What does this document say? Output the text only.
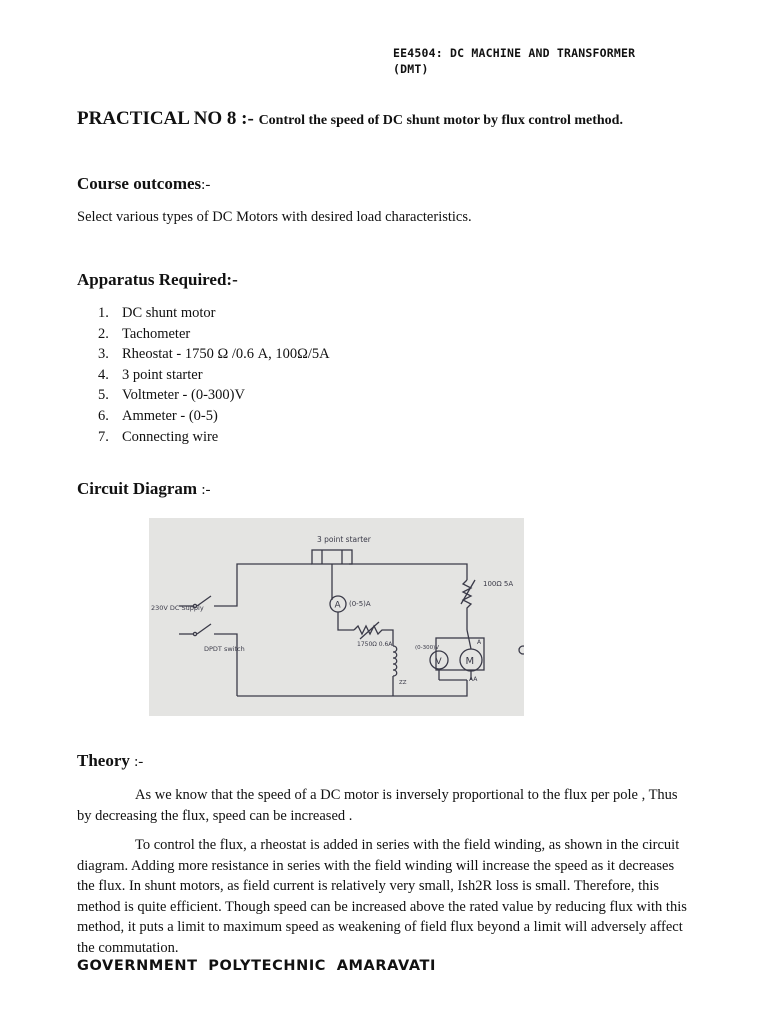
EE4504: DC MACHINE AND TRANSFORMER
(DMT)
PRACTICAL NO 8 :- Control the speed of DC shunt motor by flux control method.
Course outcomes:-
Select various types of DC Motors with desired load characteristics.
Apparatus Required:-
1. DC shunt motor
2. Tachometer
3. Rheostat - 1750 Ω /0.6 A, 100Ω/5A
4. 3 point starter
5. Voltmeter - (0-300)V
6. Ammeter - (0-5)
7. Connecting wire
Circuit Diagram :-
3 point starter
230V DC Supply
DPDT switch
A (0-5)A
1750Ω 0.6A
ZZ
100Ω 5A
V
(0-300)V
M
A
AA
Theory :-

As we know that the speed of a DC motor is inversely proportional to the flux per pole , Thus by decreasing the flux, speed can be increased .

To control the flux, a rheostat is added in series with the field winding, as shown in the circuit diagram. Adding more resistance in series with the field winding will increase the speed as it decreases the flux. In shunt motors, as field current is relatively very small, Ish2R loss is small. Therefore, this method is quite efficient. Though speed can be increased above the rated value by reducing flux with this method, it puts a limit to maximum speed as weakening of field flux beyond a limit will adversely affect the commutation.

GOVERNMENT POLYTECHNIC AMARAVATI
